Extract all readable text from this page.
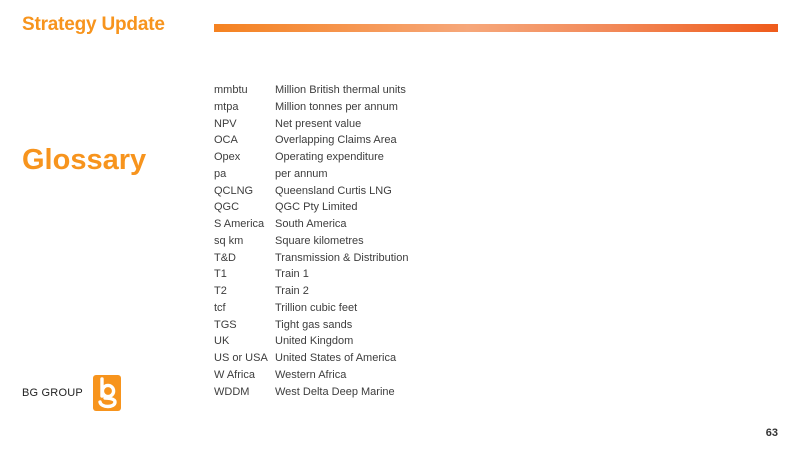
Strategy Update
Glossary
mmbtu	Million British thermal units
mtpa	Million tonnes per annum
NPV	Net present value
OCA	Overlapping Claims Area
Opex	Operating expenditure
pa	per annum
QCLNG	Queensland Curtis LNG
QGC	QGC Pty Limited
S America	South America
sq km	Square kilometres
T&D	Transmission & Distribution
T1	Train 1
T2	Train 2
tcf	Trillion cubic feet
TGS	Tight gas sands
UK	United Kingdom
US or USA	United States of America
W Africa	Western Africa
WDDM	West Delta Deep Marine
BG GROUP
63
